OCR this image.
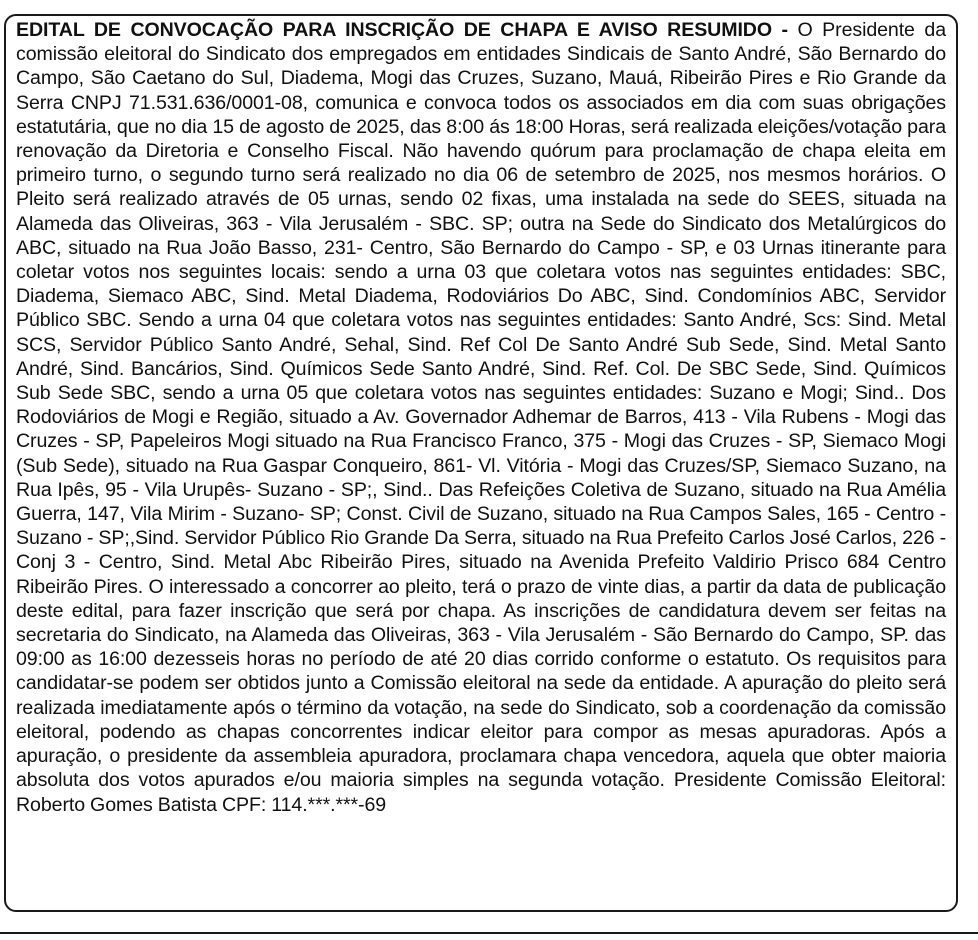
EDITAL DE CONVOCAÇÃO PARA INSCRIÇÃO DE CHAPA E AVISO RESUMIDO - O Presidente da comissão eleitoral do Sindicato dos empregados em entidades Sindicais de Santo André, São Bernardo do Campo, São Caetano do Sul, Diadema, Mogi das Cruzes, Suzano, Mauá, Ribeirão Pires e Rio Grande da Serra CNPJ 71.531.636/0001-08, comunica e convoca todos os associados em dia com suas obrigações estatutária, que no dia 15 de agosto de 2025, das 8:00 ás 18:00 Horas, será realizada eleições/votação para renovação da Diretoria e Conselho Fiscal. Não havendo quórum para proclamação de chapa eleita em primeiro turno, o segundo turno será realizado no dia 06 de setembro de 2025, nos mesmos horários. O Pleito será realizado através de 05 urnas, sendo 02 fixas, uma instalada na sede do SEES, situada na Alameda das Oliveiras, 363 - Vila Jerusalém - SBC. SP; outra na Sede do Sindicato dos Metalúrgicos do ABC, situado na Rua João Basso, 231- Centro, São Bernardo do Campo - SP, e 03 Urnas itinerante para coletar votos nos seguintes locais: sendo a urna 03 que coletara votos nas seguintes entidades: SBC, Diadema, Siemaco ABC, Sind. Metal Diadema, Rodoviários Do ABC, Sind. Condomínios ABC, Servidor Público SBC. Sendo a urna 04 que coletara votos nas seguintes entidades: Santo André, Scs: Sind. Metal SCS, Servidor Público Santo André, Sehal, Sind. Ref Col De Santo André Sub Sede, Sind. Metal Santo André, Sind. Bancários, Sind. Químicos Sede Santo André, Sind. Ref. Col. De SBC Sede, Sind. Químicos Sub Sede SBC, sendo a urna 05 que coletara votos nas seguintes entidades: Suzano e Mogi; Sind.. Dos Rodoviários de Mogi e Região, situado a Av. Governador Adhemar de Barros, 413 - Vila Rubens - Mogi das Cruzes - SP, Papeleiros Mogi situado na Rua Francisco Franco, 375 - Mogi das Cruzes - SP, Siemaco Mogi (Sub Sede), situado na Rua Gaspar Conqueiro, 861- Vl. Vitória - Mogi das Cruzes/SP, Siemaco Suzano, na Rua Ipês, 95 - Vila Urupês- Suzano - SP;, Sind.. Das Refeições Coletiva de Suzano, situado na Rua Amélia Guerra, 147, Vila Mirim - Suzano- SP; Const. Civil de Suzano, situado na Rua Campos Sales, 165 - Centro - Suzano - SP;,Sind. Servidor Público Rio Grande Da Serra, situado na Rua Prefeito Carlos José Carlos, 226 - Conj 3 - Centro, Sind. Metal Abc Ribeirão Pires, situado na Avenida Prefeito Valdirio Prisco 684 Centro Ribeirão Pires. O interessado a concorrer ao pleito, terá o prazo de vinte dias, a partir da data de publicação deste edital, para fazer inscrição que será por chapa. As inscrições de candidatura devem ser feitas na secretaria do Sindicato, na Alameda das Oliveiras, 363 - Vila Jerusalém - São Bernardo do Campo, SP. das 09:00 as 16:00 dezesseis horas no período de até 20 dias corrido conforme o estatuto. Os requisitos para candidatar-se podem ser obtidos junto a Comissão eleitoral na sede da entidade. A apuração do pleito será realizada imediatamente após o término da votação, na sede do Sindicato, sob a coordenação da comissão eleitoral, podendo as chapas concorrentes indicar eleitor para compor as mesas apuradoras. Após a apuração, o presidente da assembleia apuradora, proclamara chapa vencedora, aquela que obter maioria absoluta dos votos apurados e/ou maioria simples na segunda votação. Presidente Comissão Eleitoral: Roberto Gomes Batista CPF: 114.***.***-69
